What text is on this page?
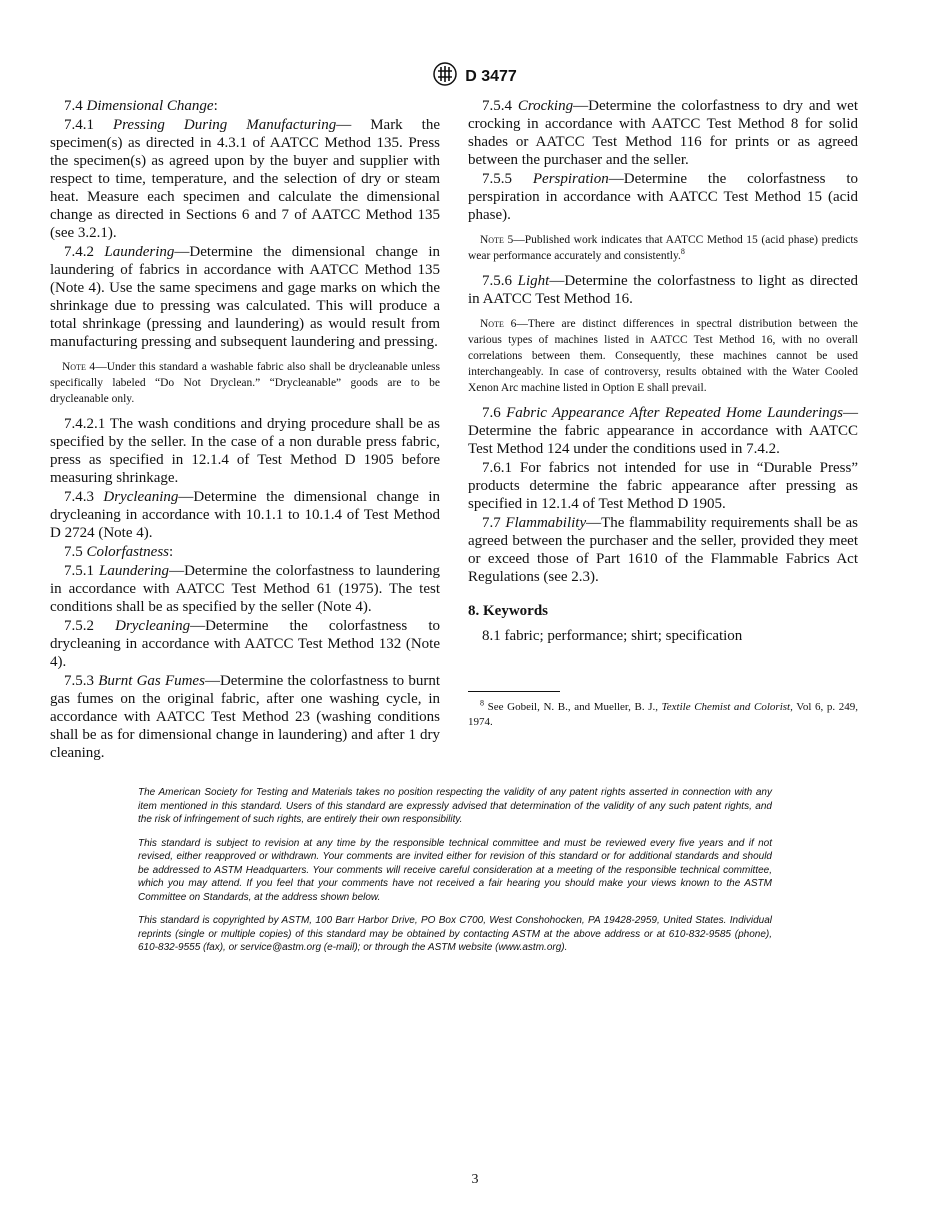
D 3477

7.4 Dimensional Change:

7.4.1 Pressing During Manufacturing— Mark the specimen(s) as directed in 4.3.1 of AATCC Method 135. Press the specimen(s) as agreed upon by the buyer and supplier with respect to time, temperature, and the selection of dry or steam heat. Measure each specimen and calculate the dimensional change as directed in Sections 6 and 7 of AATCC Method 135 (see 3.2.1).

7.4.2 Laundering—Determine the dimensional change in laundering of fabrics in accordance with AATCC Method 135 (Note 4). Use the same specimens and gage marks on which the shrinkage due to pressing was calculated. This will produce a total shrinkage (pressing and laundering) as would result from manufacturing pressing and subsequent laundering and pressing.

Note 4—Under this standard a washable fabric also shall be drycleanable unless specifically labeled “Do Not Dryclean.” “Drycleanable” goods are to be drycleanable only.

7.4.2.1 The wash conditions and drying procedure shall be as specified by the seller. In the case of a non durable press fabric, press as specified in 12.1.4 of Test Method D 1905 before measuring shrinkage.

7.4.3 Drycleaning—Determine the dimensional change in drycleaning in accordance with 10.1.1 to 10.1.4 of Test Method D 2724 (Note 4).

7.5 Colorfastness:

7.5.1 Laundering—Determine the colorfastness to laundering in accordance with AATCC Test Method 61 (1975). The test conditions shall be as specified by the seller (Note 4).

7.5.2 Drycleaning—Determine the colorfastness to drycleaning in accordance with AATCC Test Method 132 (Note 4).

7.5.3 Burnt Gas Fumes—Determine the colorfastness to burnt gas fumes on the original fabric, after one washing cycle, in accordance with AATCC Test Method 23 (washing conditions shall be as for dimensional change in laundering) and after 1 dry cleaning.

7.5.4 Crocking—Determine the colorfastness to dry and wet crocking in accordance with AATCC Test Method 8 for solid shades or AATCC Test Method 116 for prints or as agreed between the purchaser and the seller.

7.5.5 Perspiration—Determine the colorfastness to perspiration in accordance with AATCC Test Method 15 (acid phase).

Note 5—Published work indicates that AATCC Method 15 (acid phase) predicts wear performance accurately and consistently.$^8$

7.5.6 Light—Determine the colorfastness to light as directed in AATCC Test Method 16.

Note 6—There are distinct differences in spectral distribution between the various types of machines listed in AATCC Test Method 16, with no overall correlations between them. Consequently, these machines cannot be used interchangeably. In case of controversy, results obtained with the Water Cooled Xenon Arc machine listed in Option E shall prevail.

7.6 Fabric Appearance After Repeated Home Launderings—Determine the fabric appearance in accordance with AATCC Test Method 124 under the conditions used in 7.4.2.

7.6.1 For fabrics not intended for use in “Durable Press” products determine the fabric appearance after pressing as specified in 12.1.4 of Test Method D 1905.

7.7 Flammability—The flammability requirements shall be as agreed between the purchaser and the seller, provided they meet or exceed those of Part 1610 of the Flammable Fabrics Act Regulations (see 2.3).

8. Keywords

8.1 fabric; performance; shirt; specification

$^8$ See Gobeil, N. B., and Mueller, B. J., Textile Chemist and Colorist, Vol 6, p. 249, 1974.

The American Society for Testing and Materials takes no position respecting the validity of any patent rights asserted in connection with any item mentioned in this standard. Users of this standard are expressly advised that determination of the validity of any such patent rights, and the risk of infringement of such rights, are entirely their own responsibility.

This standard is subject to revision at any time by the responsible technical committee and must be reviewed every five years and if not revised, either reapproved or withdrawn. Your comments are invited either for revision of this standard or for additional standards and should be addressed to ASTM Headquarters. Your comments will receive careful consideration at a meeting of the responsible technical committee, which you may attend. If you feel that your comments have not received a fair hearing you should make your views known to the ASTM Committee on Standards, at the address shown below.

This standard is copyrighted by ASTM, 100 Barr Harbor Drive, PO Box C700, West Conshohocken, PA 19428-2959, United States. Individual reprints (single or multiple copies) of this standard may be obtained by contacting ASTM at the above address or at 610-832-9585 (phone), 610-832-9555 (fax), or service@astm.org (e-mail); or through the ASTM website (www.astm.org).

3
